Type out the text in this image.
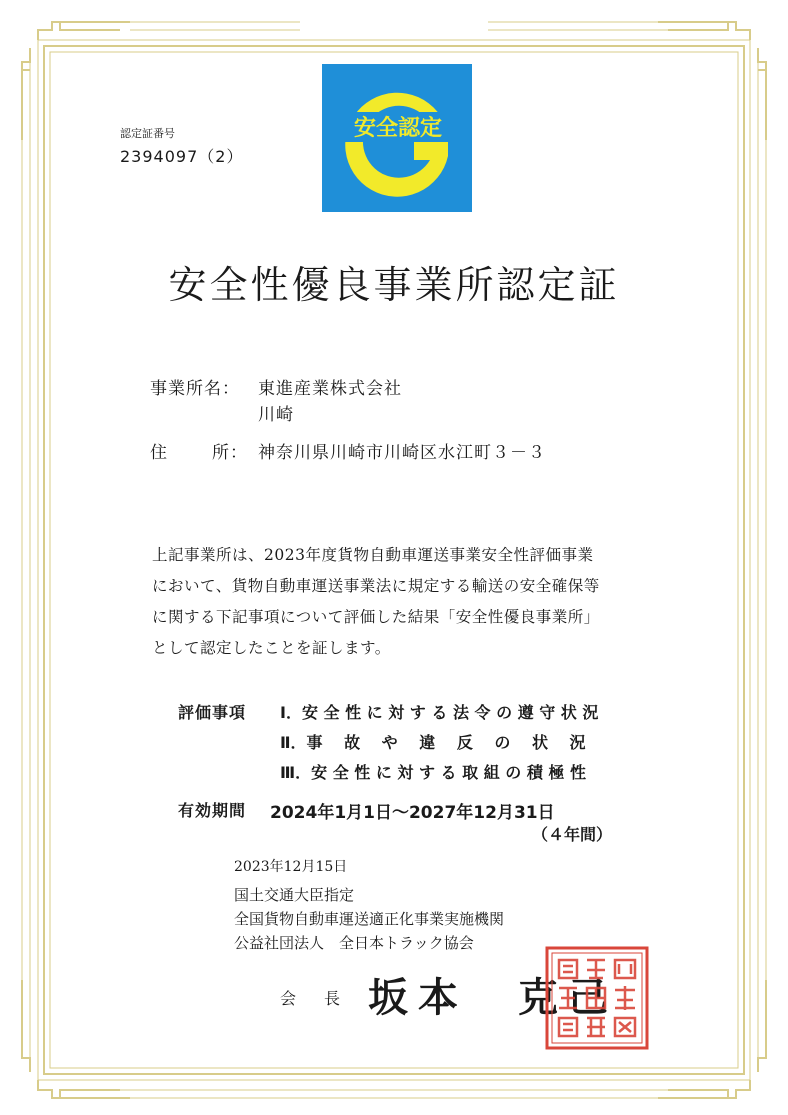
認定証番号
2394097（2）
安全認定
安全性優良事業所認定証
事業所名： 東進産業株式会社
川崎
住	所： 神奈川県川崎市川崎区水江町３－３

上記事業所は、2023年度貨物自動車運送事業安全性評価事業

において、貨物自動車運送事業法に規定する輸送の安全確保等

に関する下記事項について評価した結果「安全性優良事業所」

として認定したことを証します。

評価事項 Ⅰ．安 全 性 に 対 す る 法 令 の 遵 守 状 況
Ⅱ．事　 故　 や　 違　 反　 の　 状　 況
Ⅲ．安 全 性 に 対 す る 取 組 の 積 極 性
有効期間 2024年1月1日～2027年12月31日
（４年間）
2023年12月15日
国土交通大臣指定
全国貨物自動車運送適正化事業実施機関
公益社団法人　全日本トラック協会
会　長 坂本　克己
